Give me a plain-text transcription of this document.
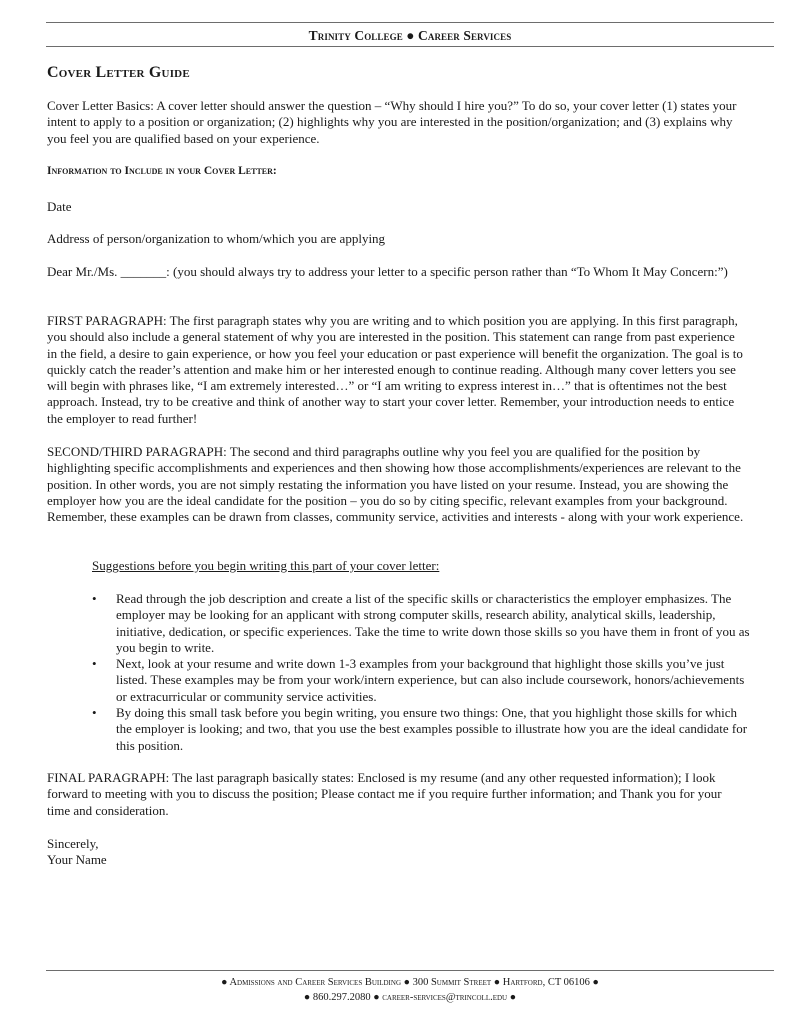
Trinity College ● Career Services
Cover Letter Guide
Cover Letter Basics: A cover letter should answer the question – “Why should I hire you?” To do so, your cover letter (1) states your intent to apply to a position or organization; (2) highlights why you are interested in the position/organization; and (3) explains why you feel you are qualified based on your experience.
Information to Include in your Cover Letter:
Date
Address of person/organization to whom/which you are applying
Dear Mr./Ms. _______: (you should always try to address your letter to a specific person rather than “To Whom It May Concern:”)
FIRST PARAGRAPH: The first paragraph states why you are writing and to which position you are applying. In this first paragraph, you should also include a general statement of why you are interested in the position. This statement can range from past experience in the field, a desire to gain experience, or how you feel your education or past experience will benefit the organization. The goal is to quickly catch the reader’s attention and make him or her interested enough to continue reading. Although many cover letters you see will begin with phrases like, “I am extremely interested…” or “I am writing to express interest in…” that is oftentimes not the best approach. Instead, try to be creative and think of another way to start your cover letter. Remember, your introduction needs to entice the employer to read further!
SECOND/THIRD PARAGRAPH: The second and third paragraphs outline why you feel you are qualified for the position by highlighting specific accomplishments and experiences and then showing how those accomplishments/experiences are relevant to the position. In other words, you are not simply restating the information you have listed on your resume. Instead, you are showing the employer how you are the ideal candidate for the position – you do so by citing specific, relevant examples from your background. Remember, these examples can be drawn from classes, community service, activities and interests - along with your work experience.
Suggestions before you begin writing this part of your cover letter:
• Read through the job description and create a list of the specific skills or characteristics the employer emphasizes. The employer may be looking for an applicant with strong computer skills, research ability, analytical skills, leadership, initiative, dedication, or specific experiences. Take the time to write down those skills so you have them in front of you as you begin to write.
• Next, look at your resume and write down 1-3 examples from your background that highlight those skills you’ve just listed. These examples may be from your work/intern experience, but can also include coursework, honors/achievements or extracurricular or community service activities.
• By doing this small task before you begin writing, you ensure two things: One, that you highlight those skills for which the employer is looking; and two, that you use the best examples possible to illustrate how you are the ideal candidate for this position.
FINAL PARAGRAPH: The last paragraph basically states: Enclosed is my resume (and any other requested information); I look forward to meeting with you to discuss the position; Please contact me if you require further information; and Thank you for your time and consideration.
Sincerely,
Your Name
● Admissions and Career Services Building ● 300 Summit Street ● Hartford, CT 06106 ●
● 860.297.2080 ● career-services@trincoll.edu ●
